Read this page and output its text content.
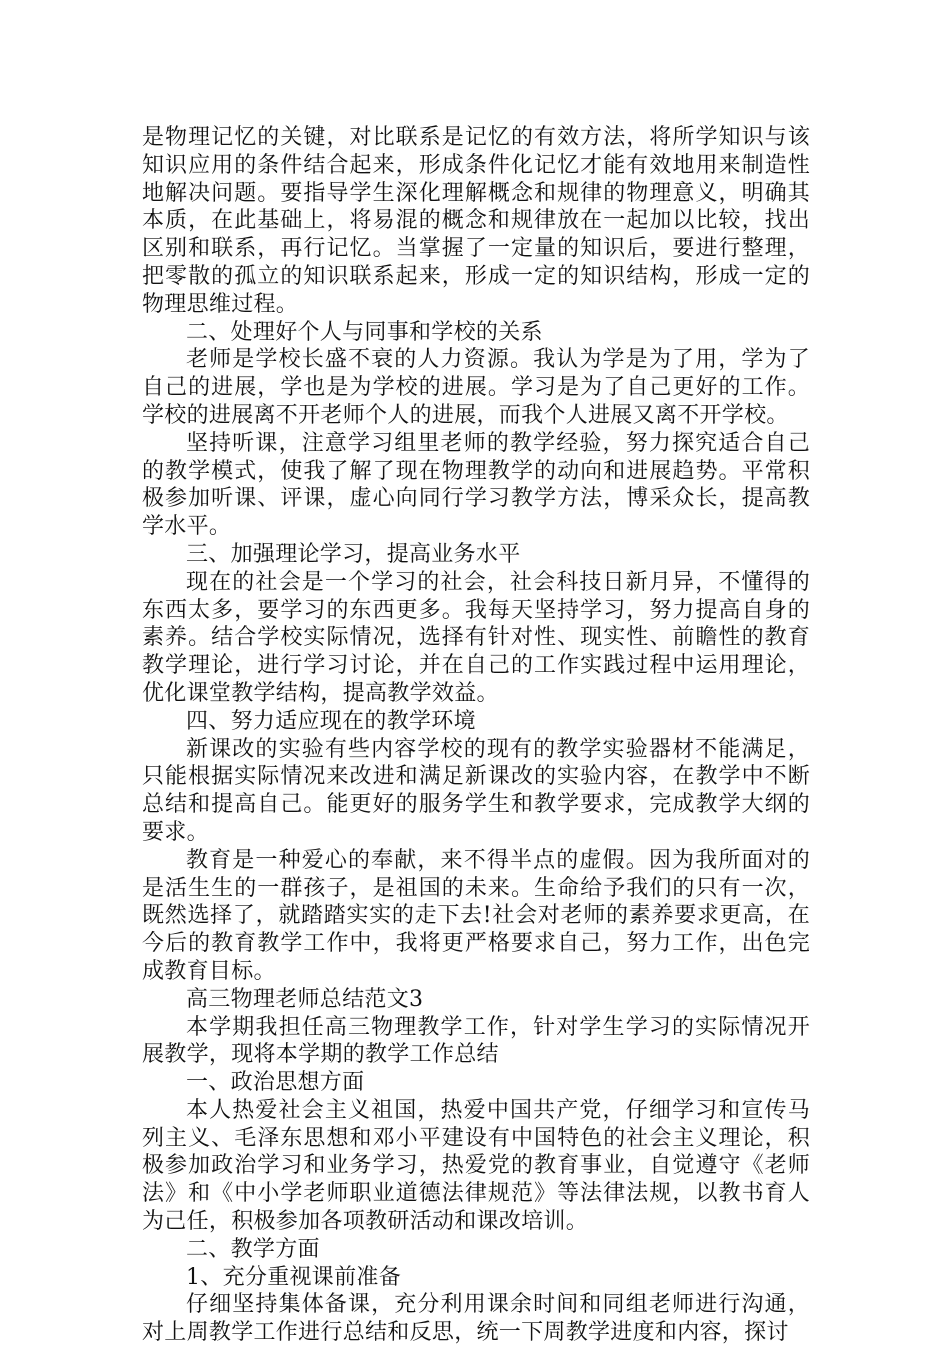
是物理记忆的关键，对比联系是记忆的有效方法，将所学知识与该知识应用的条件结合起来，形成条件化记忆才能有效地用来制造性地解决问题。要指导学生深化理解概念和规律的物理意义，明确其本质，在此基础上，将易混的概念和规律放在一起加以比较，找出区别和联系，再行记忆。当掌握了一定量的知识后，要进行整理，把零散的孤立的知识联系起来，形成一定的知识结构，形成一定的物理思维过程。

二、处理好个人与同事和学校的关系

老师是学校长盛不衰的人力资源。我认为学是为了用，学为了自己的进展，学也是为学校的进展。学习是为了自己更好的工作。学校的进展离不开老师个人的进展，而我个人进展又离不开学校。

坚持听课，注意学习组里老师的教学经验，努力探究适合自己的教学模式，使我了解了现在物理教学的动向和进展趋势。平常积极参加听课、评课，虚心向同行学习教学方法，博采众长，提高教学水平。

三、加强理论学习，提高业务水平

现在的社会是一个学习的社会，社会科技日新月异，不懂得的东西太多，要学习的东西更多。我每天坚持学习，努力提高自身的素养。结合学校实际情况，选择有针对性、现实性、前瞻性的教育教学理论，进行学习讨论，并在自己的工作实践过程中运用理论，优化课堂教学结构，提高教学效益。

四、努力适应现在的教学环境

新课改的实验有些内容学校的现有的教学实验器材不能满足，只能根据实际情况来改进和满足新课改的实验内容，在教学中不断总结和提高自己。能更好的服务学生和教学要求，完成教学大纲的要求。

教育是一种爱心的奉献，来不得半点的虚假。因为我所面对的是活生生的一群孩子，是祖国的未来。生命给予我们的只有一次，既然选择了，就踏踏实实的走下去!社会对老师的素养要求更高，在今后的教育教学工作中，我将更严格要求自己，努力工作，出色完成教育目标。

高三物理老师总结范文3

本学期我担任高三物理教学工作，针对学生学习的实际情况开展教学，现将本学期的教学工作总结

一、政治思想方面

本人热爱社会主义祖国，热爱中国共产党，仔细学习和宣传马列主义、毛泽东思想和邓小平建设有中国特色的社会主义理论，积极参加政治学习和业务学习，热爱党的教育事业，自觉遵守《老师法》和《中小学老师职业道德法律规范》等法律法规，以教书育人为己任，积极参加各项教研活动和课改培训。

二、教学方面

1、充分重视课前准备

仔细坚持集体备课，充分利用课余时间和同组老师进行沟通，对上周教学工作进行总结和反思，统一下周教学进度和内容，探讨
